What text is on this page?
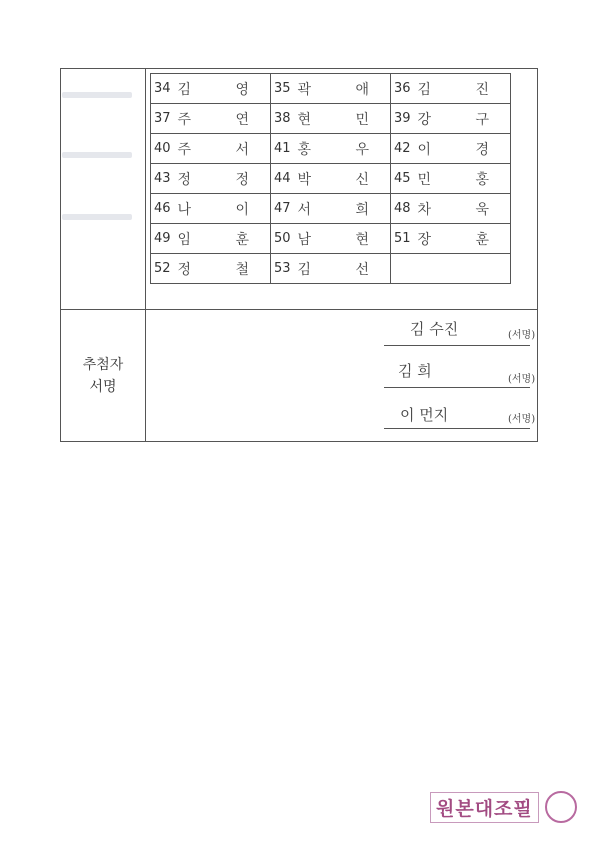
추첨자
서명
34	김 영	35	곽 애	36	김 진
37	주 연	38	현 민	39	강 구
40	주 서	41	홍 우	42	이 경
43	정 정	44	박 신	45	민 홍
46	나 이	47	서 희	48	차 욱
49	임 훈	50	남 현	51	장 훈
52	정 철	53	김 선		
김 수진	(서명)
김 희	(서명)
이 먼지	(서명)
원본대조필
